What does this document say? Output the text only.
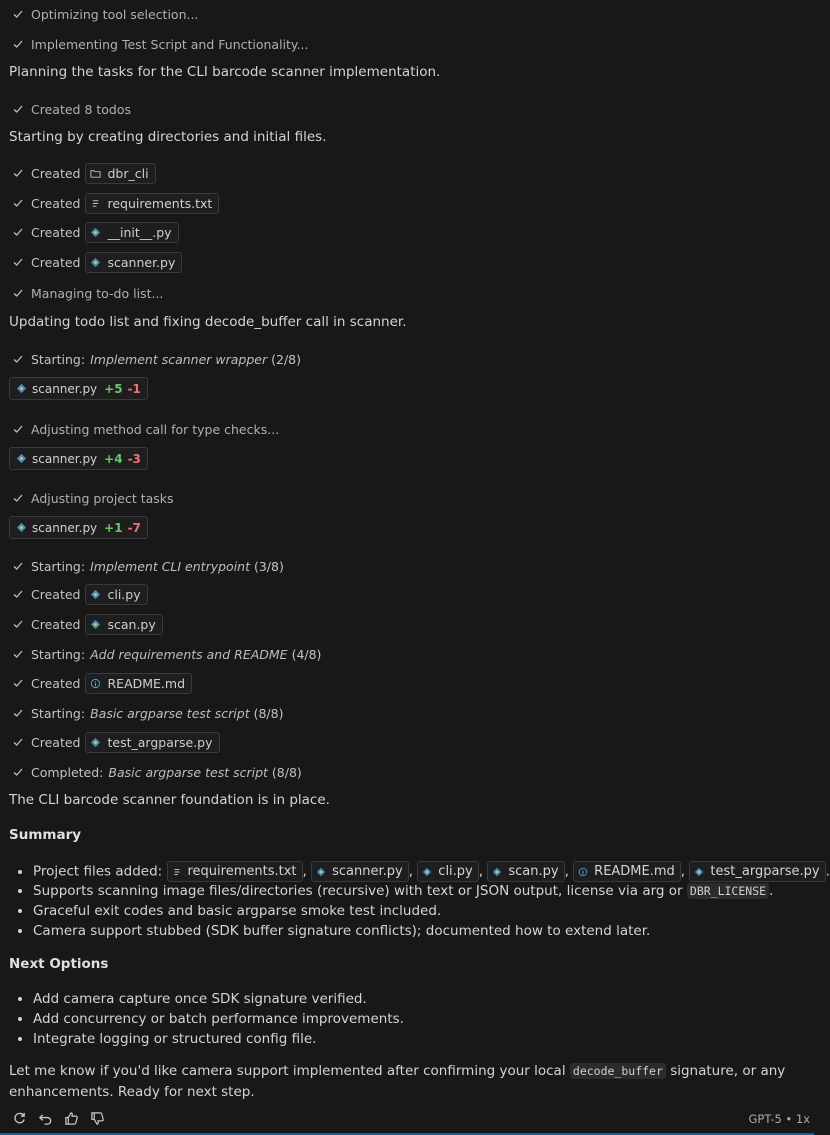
Optimizing tool selection...
Implementing Test Script and Functionality...
Planning the tasks for the CLI barcode scanner implementation.
Created 8 todos
Starting by creating directories and initial files.
Created dbr_cli
Created requirements.txt
Created __init__.py
Created scanner.py
Managing to-do list...
Updating todo list and fixing decode_buffer call in scanner.
Starting: Implement scanner wrapper
(2/8)
scanner.py +5 -1
Adjusting method call for type checks...
scanner.py +4 -3
Adjusting project tasks
scanner.py +1 -7
Starting: Implement CLI entrypoint
(3/8)
Created cli.py
Created scan.py
Starting: Add requirements and README
(4/8)
Created README.md
Starting: Basic argparse test script
(8/8)
Created test_argparse.py
Completed: Basic argparse test script
(8/8)
The CLI barcode scanner foundation is in place.
Summary
• Project files added: requirements.txt , scanner.py , cli.py , scan.py , README.md , test_argparse.py .
• Supports scanning image files/directories (recursive) with text or JSON output, license via arg or DBR_LICENSE .
• Graceful exit codes and basic argparse smoke test included.
• Camera support stubbed (SDK buffer signature conflicts); documented how to extend later.
Next Options
• Add camera capture once SDK signature verified.
• Add concurrency or batch performance improvements.
• Integrate logging or structured config file.
Let me know if you'd like camera support implemented after confirming your local decode_buffer signature, or any enhancements. Ready for next step.
GPT-5 • 1x
